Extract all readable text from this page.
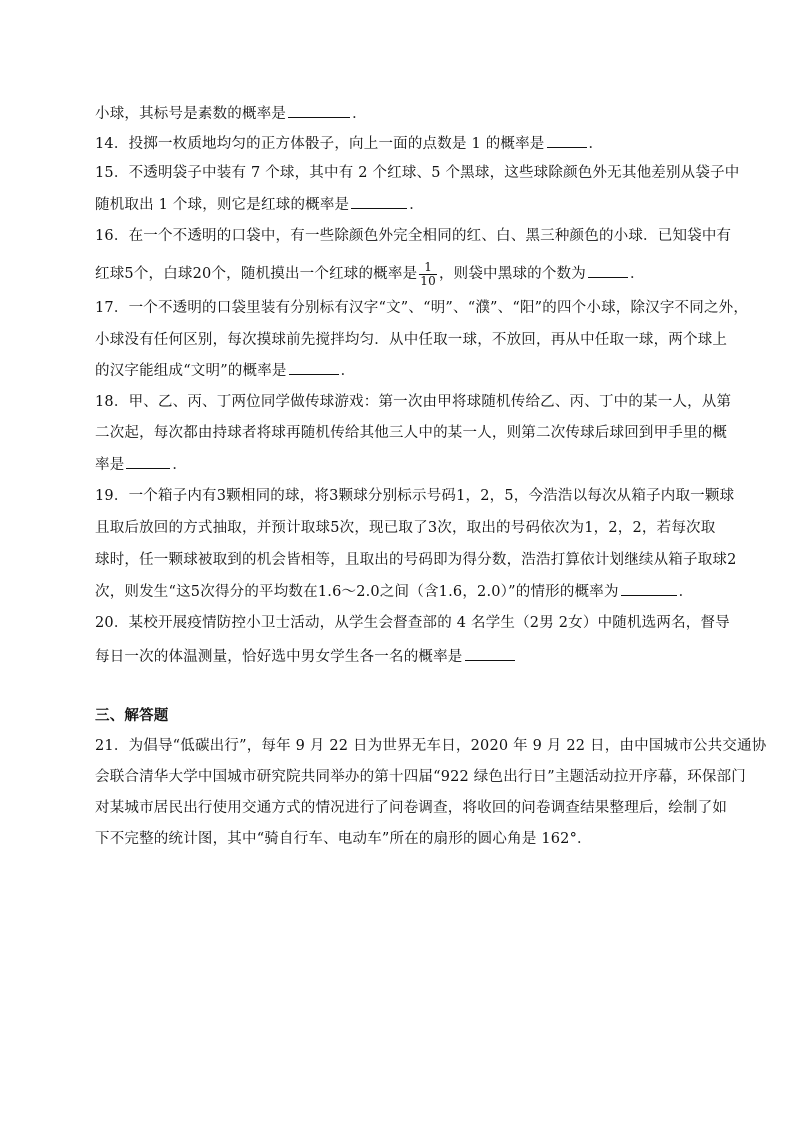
小球，其标号是素数的概率是	．
14．投掷一枚质地均匀的正方体骰子，向上一面的点数是 1 的概率是	．
15．不透明袋子中装有 7 个球，其中有 2 个红球、5 个黑球，这些球除颜色外无其他差别从袋子中
随机取出 1 个球，则它是红球的概率是	．
16．在一个不透明的口袋中，有一些除颜色外完全相同的红、白、黑三种颜色的小球．已知袋中有
红球5个，白球20个，随机摸出一个红球的概率是 $\frac{1}{10}$ ，则袋中黑球的个数为	．
17．一个不透明的口袋里装有分别标有汉字“文”、“明”、“濮”、“阳”的四个小球，除汉字不同之外，
小球没有任何区别，每次摸球前先搅拌均匀．从中任取一球，不放回，再从中任取一球，两个球上
的汉字能组成“文明”的概率是	．
18．甲、乙、丙、丁两位同学做传球游戏：第一次由甲将球随机传给乙、丙、丁中的某一人，从第
二次起，每次都由持球者将球再随机传给其他三人中的某一人，则第二次传球后球回到甲手里的概
率是	．
19．一个箱子内有3颗相同的球，将3颗球分别标示号码1，2，5，今浩浩以每次从箱子内取一颗球
且取后放回的方式抽取，并预计取球5次，现已取了3次，取出的号码依次为1，2，2，若每次取
球时，任一颗球被取到的机会皆相等，且取出的号码即为得分数，浩浩打算依计划继续从箱子取球2
次，则发生“这5次得分的平均数在1.6～2.0之间（含1.6，2.0）”的情形的概率为	．
20．某校开展疫情防控小卫士活动，从学生会督查部的 4 名学生（2男 2女）中随机选两名，督导
每日一次的体温测量，恰好选中男女学生各一名的概率是
三、解答题
21．为倡导“低碳出行”，每年 9 月 22 日为世界无车日，2020 年 9 月 22 日，由中国城市公共交通协
会联合清华大学中国城市研究院共同举办的第十四届“922 绿色出行日”主题活动拉开序幕，环保部门
对某城市居民出行使用交通方式的情况进行了问卷调查，将收回的问卷调查结果整理后，绘制了如
下不完整的统计图，其中“骑自行车、电动车”所在的扇形的圆心角是 162°．
